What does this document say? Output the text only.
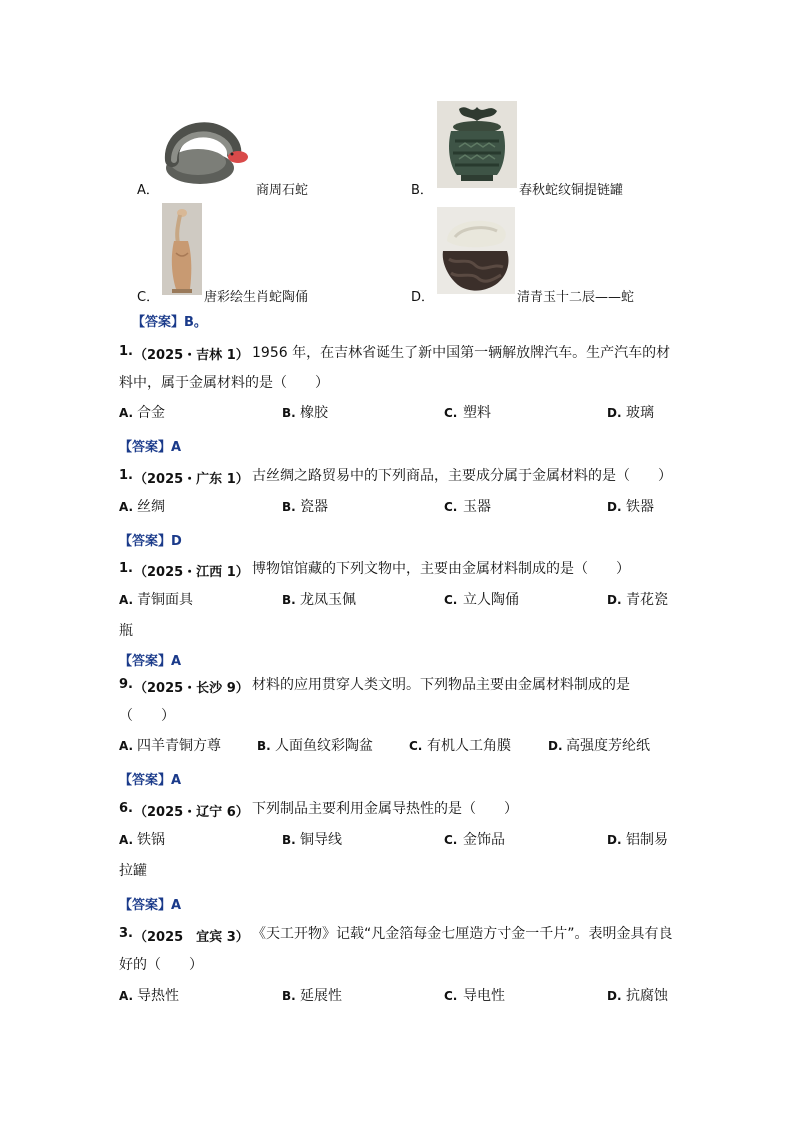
A．	商周石蛇	B．	春秋蛇纹铜提链罐
C．	唐彩绘生肖蛇陶俑	D．	清青玉十二辰——蛇
【答案】B。
1. （2025・吉林 1） 1956 年，在吉林省诞生了新中国第一辆解放牌汽车。生产汽车的材
料中，属于金属材料的是（　　）
A. 合金	B. 橡胶	C. 塑料	D. 玻璃
【答案】A
1. （2025・广东 1） 古丝绸之路贸易中的下列商品，主要成分属于金属材料的是（　　）
A. 丝绸	B. 瓷器	C. 玉器	D. 铁器
【答案】D
1. （2025・江西 1） 博物馆馆藏的下列文物中，主要由金属材料制成的是（　　）
A. 青铜面具	B. 龙凤玉佩	C. 立人陶俑	D. 青花瓷
瓶
【答案】A
9. （2025・长沙 9） 材料的应用贯穿人类文明。下列物品主要由金属材料制成的是
（　　）
A. 四羊青铜方尊	B. 人面鱼纹彩陶盆	C. 有机人工角膜	D. 高强度芳纶纸
【答案】A
6. （2025・辽宁 6） 下列制品主要利用金属导热性的是（　　）
A. 铁锅	B. 铜导线	C. 金饰品	D. 铝制易
拉罐
【答案】A
3. （2025　宜宾 3） 《天工开物》记载“凡金箔每金七厘造方寸金一千片”。表明金具有良
好的（　　）
A. 导热性	B. 延展性	C. 导电性	D. 抗腐蚀
